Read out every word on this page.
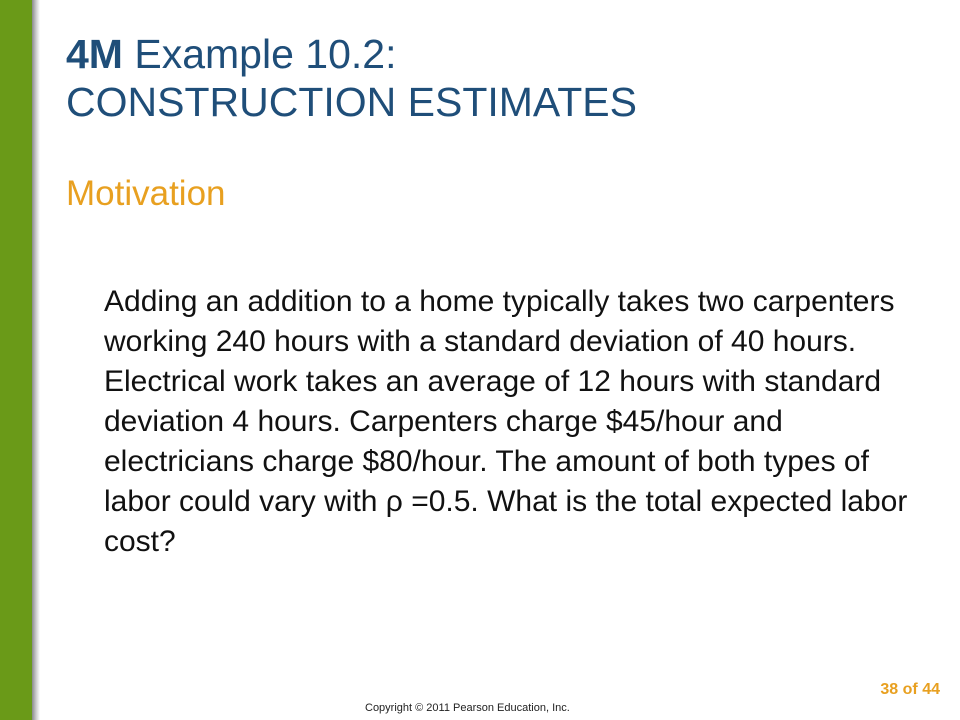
4M Example 10.2:
CONSTRUCTION ESTIMATES
Motivation
Adding an addition to a home typically takes two carpenters working 240 hours with a standard deviation of 40 hours. Electrical work takes an average of 12 hours with standard deviation 4 hours. Carpenters charge $45/hour and electricians charge $80/hour. The amount of both types of labor could vary with ρ =0.5. What is the total expected labor cost?
Copyright © 2011 Pearson Education, Inc.
38 of 44
